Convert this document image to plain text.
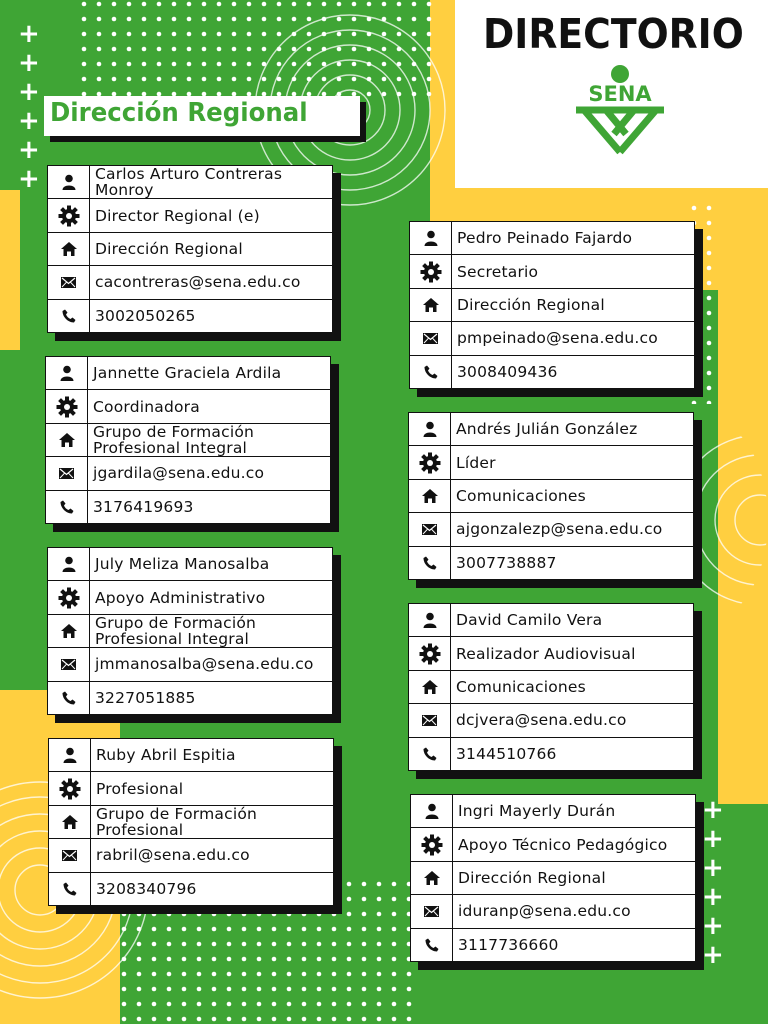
+
+
+
+
+
+
+
+
+
+
+
+
DIRECTORIO
SENA
Dirección Regional
Carlos Arturo Contreras Monroy
Director Regional (e)
Dirección Regional
cacontreras@sena.edu.co
3002050265
Jannette Graciela Ardila
Coordinadora
Grupo de Formación Profesional Integral
jgardila@sena.edu.co
3176419693
July Meliza Manosalba
Apoyo Administrativo
Grupo de Formación Profesional Integral
jmmanosalba@sena.edu.co
3227051885
Ruby Abril Espitia
Profesional
Grupo de Formación Profesional
rabril@sena.edu.co
3208340796
Pedro Peinado Fajardo
Secretario
Dirección Regional
pmpeinado@sena.edu.co
3008409436
Andrés Julián González
Líder
Comunicaciones
ajgonzalezp@sena.edu.co
3007738887
David Camilo Vera
Realizador Audiovisual
Comunicaciones
dcjvera@sena.edu.co
3144510766
Ingri Mayerly Durán
Apoyo Técnico Pedagógico
Dirección Regional
iduranp@sena.edu.co
3117736660
